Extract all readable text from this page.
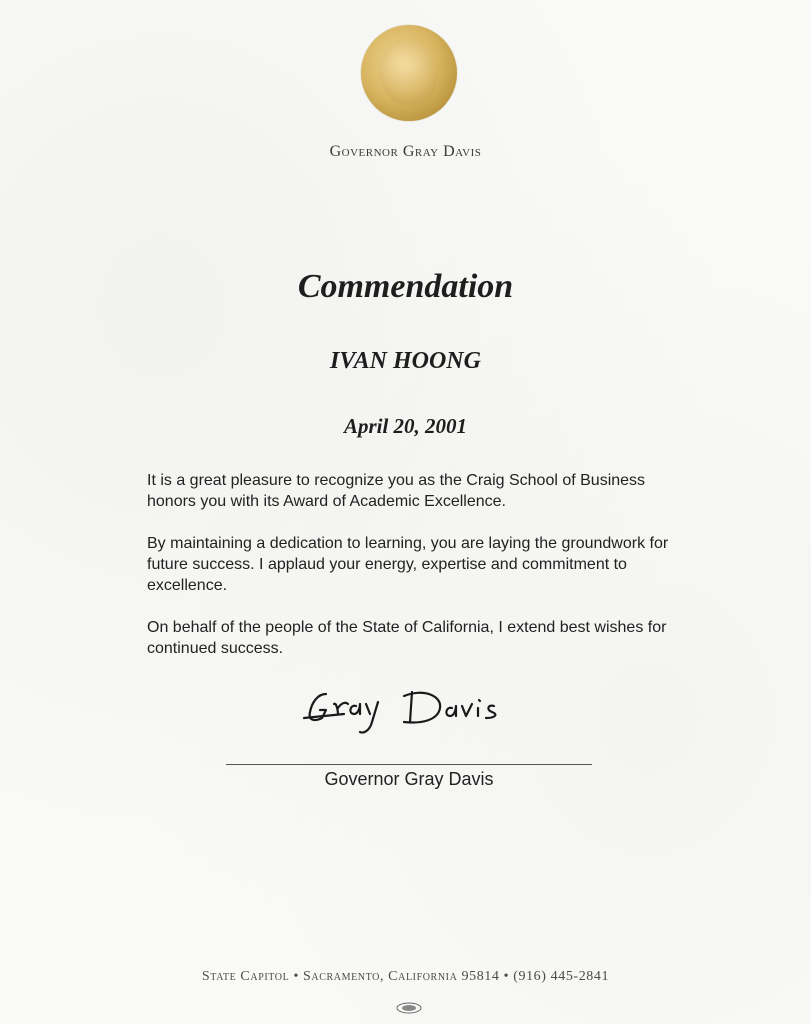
Governor Gray Davis
Commendation
IVAN HOONG
April 20, 2001

It is a great pleasure to recognize you as the Craig School of Business honors you with its Award of Academic Excellence.

By maintaining a dedication to learning, you are laying the groundwork for future success. I applaud your energy, expertise and commitment to excellence.

On behalf of the people of the State of California, I extend best wishes for continued success.

Governor Gray Davis
State Capitol • Sacramento, California 95814 • (916) 445-2841
